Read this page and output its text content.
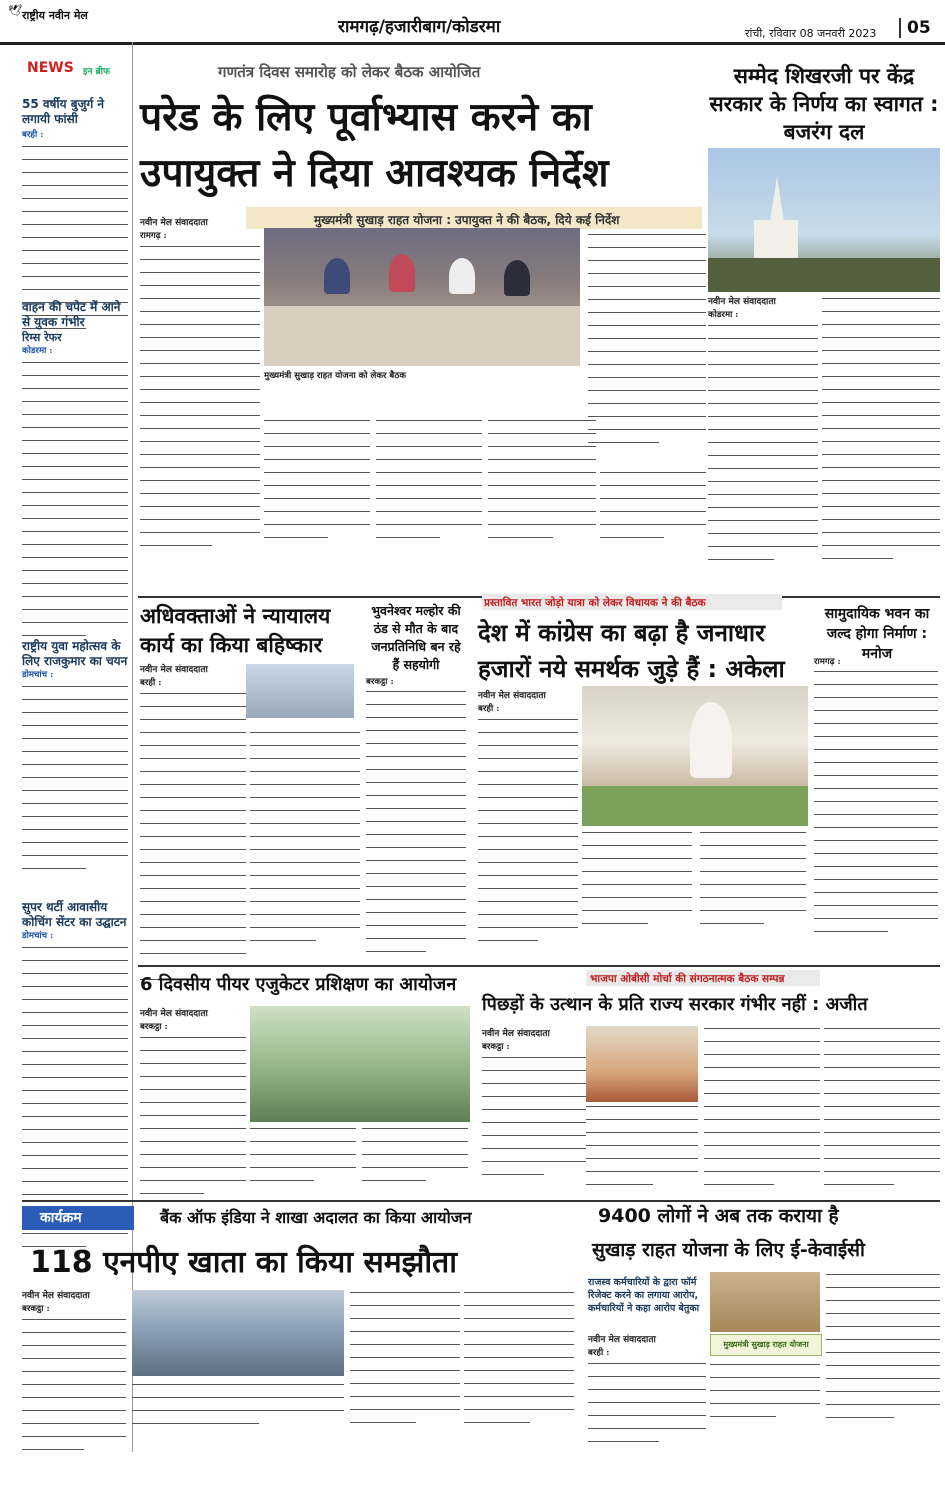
🕊 राष्ट्रीय नवीन मेल
रामगढ़/हजारीबाग/कोडरमा	रांची, रविवार 08 जनवरी 2023	05
NEWS इन ब्रीफ
55 वर्षीय बुजुर्ग ने लगायी फांसी
बरही :
वाहन की चपेट में आने से युवक गंभीर
रिम्स रेफर
कोडरमा :
राष्ट्रीय युवा महोत्सव के लिए राजकुमार का चयन
डोमचांच :
सुपर थर्टी आवासीय कोचिंग सेंटर का उद्घाटन
डोमचांच :
गणतंत्र दिवस समारोह को लेकर बैठक आयोजित
परेड के लिए पूर्वाभ्यास करने का
उपायुक्त ने दिया आवश्यक निर्देश
मुख्यमंत्री सुखाड़ राहत योजना : उपायुक्त ने की बैठक, दिये कई निर्देश
नवीन मेल संवाददाता
रामगढ़ :
मुख्यमंत्री सुखाड़ राहत योजना को लेकर बैठक
सम्मेद शिखरजी पर केंद्र सरकार के निर्णय का स्वागत : बजरंग दल
नवीन मेल संवाददाता
कोडरमा :
अधिवक्ताओं ने न्यायालय कार्य का किया बहिष्कार
नवीन मेल संवाददाता
बरही :
भुवनेश्वर मल्होर की ठंड से मौत के बाद जनप्रतिनिधि बन रहे हैं सहयोगी
बरकट्ठा :
प्रस्तावित भारत जोड़ो यात्रा को लेकर विधायक ने की बैठक
देश में कांग्रेस का बढ़ा है जनाधार
हजारों नये समर्थक जुड़े हैं : अकेला
नवीन मेल संवाददाता
बरही :
सामुदायिक भवन का जल्द होगा निर्माण : मनोज
रामगढ़ :
6 दिवसीय पीयर एजुकेटर प्रशिक्षण का आयोजन
नवीन मेल संवाददाता
बरकट्ठा :
भाजपा ओबीसी मोर्चा की संगठनात्मक बैठक सम्पन्न
पिछड़ों के उत्थान के प्रति राज्य सरकार गंभीर नहीं : अजीत
नवीन मेल संवाददाता
बरकट्ठा :
कार्यक्रम	बैंक ऑफ इंडिया ने शाखा अदालत का किया आयोजन
118 एनपीए खाता का किया समझौता
नवीन मेल संवाददाता
बरकट्ठा :
9400 लोगों ने अब तक कराया है
सुखाड़ राहत योजना के लिए ई-केवाईसी
राजस्व कर्मचारियों के द्वारा फॉर्म रिजेक्ट करने का लगाया आरोप, कर्मचारियों ने कहा आरोप बेतुका
नवीन मेल संवाददाता
बरही :
मुख्यमंत्री सुखाड़ राहत योजना
